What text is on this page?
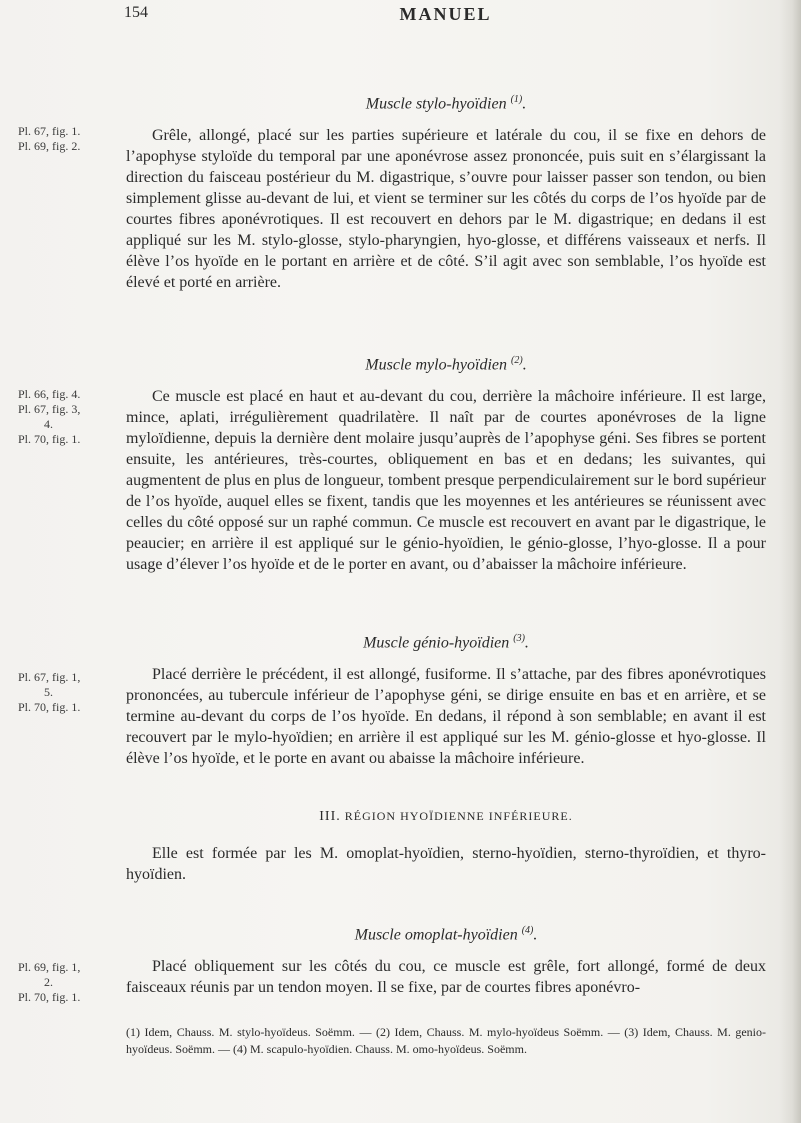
154	MANUEL
Pl. 67, fig. 1.
Pl. 69, fig. 2.
Muscle stylo-hyoïdien $^{(1)}$.

Grêle, allongé, placé sur les parties supérieure et latérale du cou, il se fixe en dehors de l’apophyse styloïde du temporal par une aponévrose assez prononcée, puis suit en s’élargissant la direction du faisceau postérieur du M. digastrique, s’ouvre pour laisser passer son tendon, ou bien simplement glisse au-devant de lui, et vient se terminer sur les côtés du corps de l’os hyoïde par de courtes fibres aponévrotiques. Il est recouvert en dehors par le M. digastrique; en dedans il est appliqué sur les M. stylo-glosse, stylo-pharyngien, hyo-glosse, et différens vaisseaux et nerfs. Il élève l’os hyoïde en le portant en arrière et de côté. S’il agit avec son semblable, l’os hyoïde est élevé et porté en arrière.

Pl. 66, fig. 4.
Pl. 67, fig. 3,
4.
Pl. 70, fig. 1.
Muscle mylo-hyoïdien $^{(2)}$.

Ce muscle est placé en haut et au-devant du cou, derrière la mâchoire inférieure. Il est large, mince, aplati, irrégulièrement quadrilatère. Il naît par de courtes aponévroses de la ligne myloïdienne, depuis la dernière dent molaire jusqu’auprès de l’apophyse géni. Ses fibres se portent ensuite, les antérieures, très-courtes, obliquement en bas et en dedans; les suivantes, qui augmentent de plus en plus de longueur, tombent presque perpendiculairement sur le bord supérieur de l’os hyoïde, auquel elles se fixent, tandis que les moyennes et les antérieures se réunissent avec celles du côté opposé sur un raphé commun. Ce muscle est recouvert en avant par le digastrique, le peaucier; en arrière il est appliqué sur le génio-hyoïdien, le génio-glosse, l’hyo-glosse. Il a pour usage d’élever l’os hyoïde et de le porter en avant, ou d’abaisser la mâchoire inférieure.

Pl. 67, fig. 1,
5.
Pl. 70, fig. 1.
Muscle génio-hyoïdien $^{(3)}$.

Placé derrière le précédent, il est allongé, fusiforme. Il s’attache, par des fibres aponévrotiques prononcées, au tubercule inférieur de l’apophyse géni, se dirige ensuite en bas et en arrière, et se termine au-devant du corps de l’os hyoïde. En dedans, il répond à son semblable; en avant il est recouvert par le mylo-hyoïdien; en arrière il est appliqué sur les M. génio-glosse et hyo-glosse. Il élève l’os hyoïde, et le porte en avant ou abaisse la mâchoire inférieure.

III. RÉGION HYOÏDIENNE INFÉRIEURE.

Elle est formée par les M. omoplat-hyoïdien, sterno-hyoïdien, sterno-thyroïdien, et thyro-hyoïdien.

Pl. 69, fig. 1,
2.
Pl. 70, fig. 1.
Muscle omoplat-hyoïdien $^{(4)}$.

Placé obliquement sur les côtés du cou, ce muscle est grêle, fort allongé, formé de deux faisceaux réunis par un tendon moyen. Il se fixe, par de courtes fibres aponévro-

(1) Idem, Chauss. M. stylo-hyoïdeus. Soëmm. — (2) Idem, Chauss. M. mylo-hyoïdeus Soëmm. — (3) Idem, Chauss. M. genio-hyoïdeus. Soëmm. — (4) M. scapulo-hyoïdien. Chauss. M. omo-hyoïdeus. Soëmm.
